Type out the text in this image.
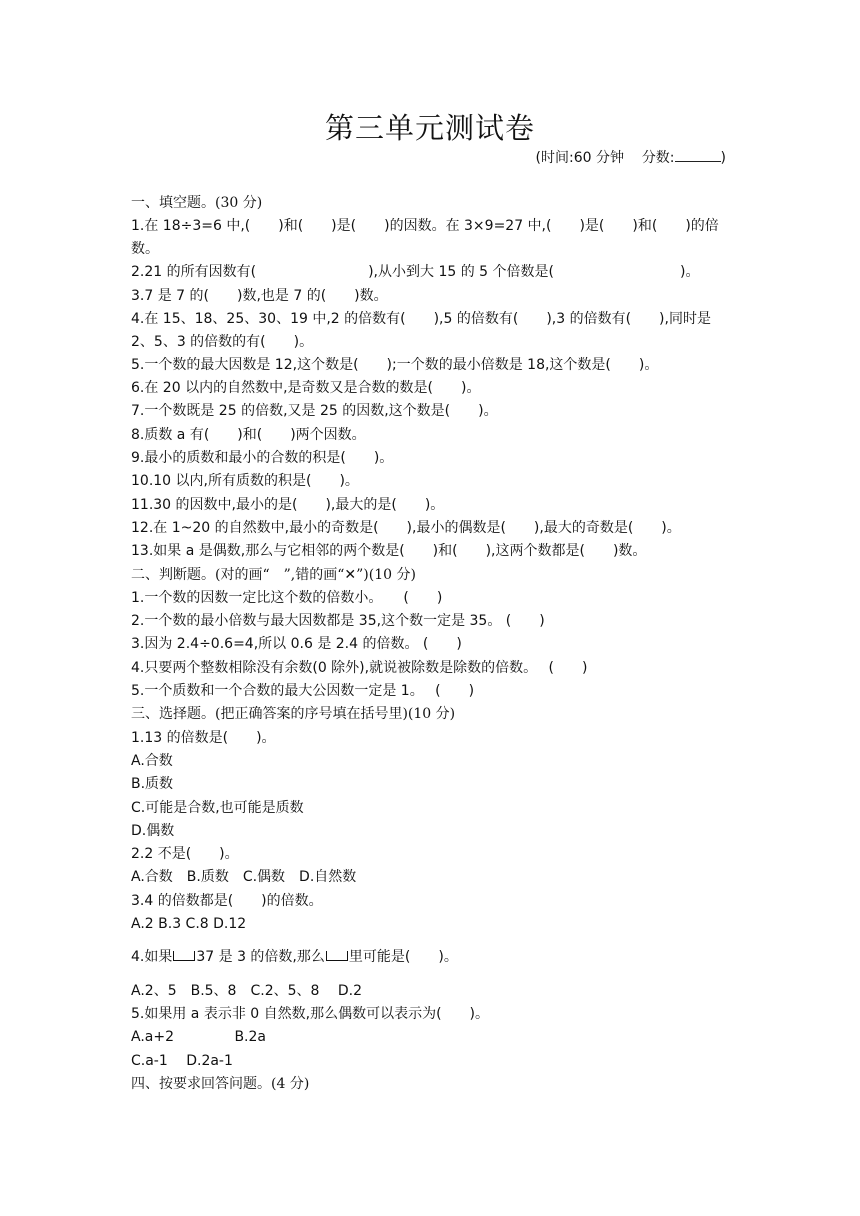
第三单元测试卷
(时间:60 分钟 分数:	)
一、填空题。(30 分)
1.在 18÷3=6 中,(　　)和(　　)是(　　)的因数。在 3×9=27 中,(　　)是(　　)和(　　)的倍数。
2.21 的所有因数有(　　　　　　　　),从小到大 15 的 5 个倍数是(　　　　　　　　　)。
3.7 是 7 的(　　)数,也是 7 的(　　)数。
4.在 15、18、25、30、19 中,2 的倍数有(　　),5 的倍数有(　　),3 的倍数有(　　),同时是 2、5、3 的倍数的有(　　)。
5.一个数的最大因数是 12,这个数是(　　);一个数的最小倍数是 18,这个数是(　　)。
6.在 20 以内的自然数中,是奇数又是合数的数是(　　)。
7.一个数既是 25 的倍数,又是 25 的因数,这个数是(　　)。
8.质数 a 有(　　)和(　　)两个因数。
9.最小的质数和最小的合数的积是(　　)。
10.10 以内,所有质数的积是(　　)。
11.30 的因数中,最小的是(　　),最大的是(　　)。
12.在 1~20 的自然数中,最小的奇数是(　　),最小的偶数是(　　),最大的奇数是(　　)。
13.如果 a 是偶数,那么与它相邻的两个数是(　　)和(　　),这两个数都是(　　)数。
二、判断题。(对的画“　”,错的画“✕”)(10 分)
1.一个数的因数一定比这个数的倍数小。　　(　　)
2.一个数的最小倍数与最大因数都是 35,这个数一定是 35。 (　　)
3.因为 2.4÷0.6=4,所以 0.6 是 2.4 的倍数。 (　　)
4.只要两个整数相除没有余数(0 除外),就说被除数是除数的倍数。　 (　　)
5.一个质数和一个合数的最大公因数一定是 1。　 (　　)
三、选择题。(把正确答案的序号填在括号里)(10 分)
1.13 的倍数是(　　)。
A.合数
B.质数
C.可能是合数,也可能是质数
D.偶数
2.2 不是(　　)。
A.合数　B.质数　C.偶数　D.自然数
3.4 的倍数都是(　　)的倍数。
A.2 B.3 C.8 D.12
4.如果 37 是 3 的倍数,那么 里可能是(　　)。
A.2、5　B.5、8　C.2、5、8　 D.2
5.如果用 a 表示非 0 自然数,那么偶数可以表示为(　　)。
A.a+2　　　　 B.2a
C.a-1　 D.2a-1
四、按要求回答问题。(4 分)
